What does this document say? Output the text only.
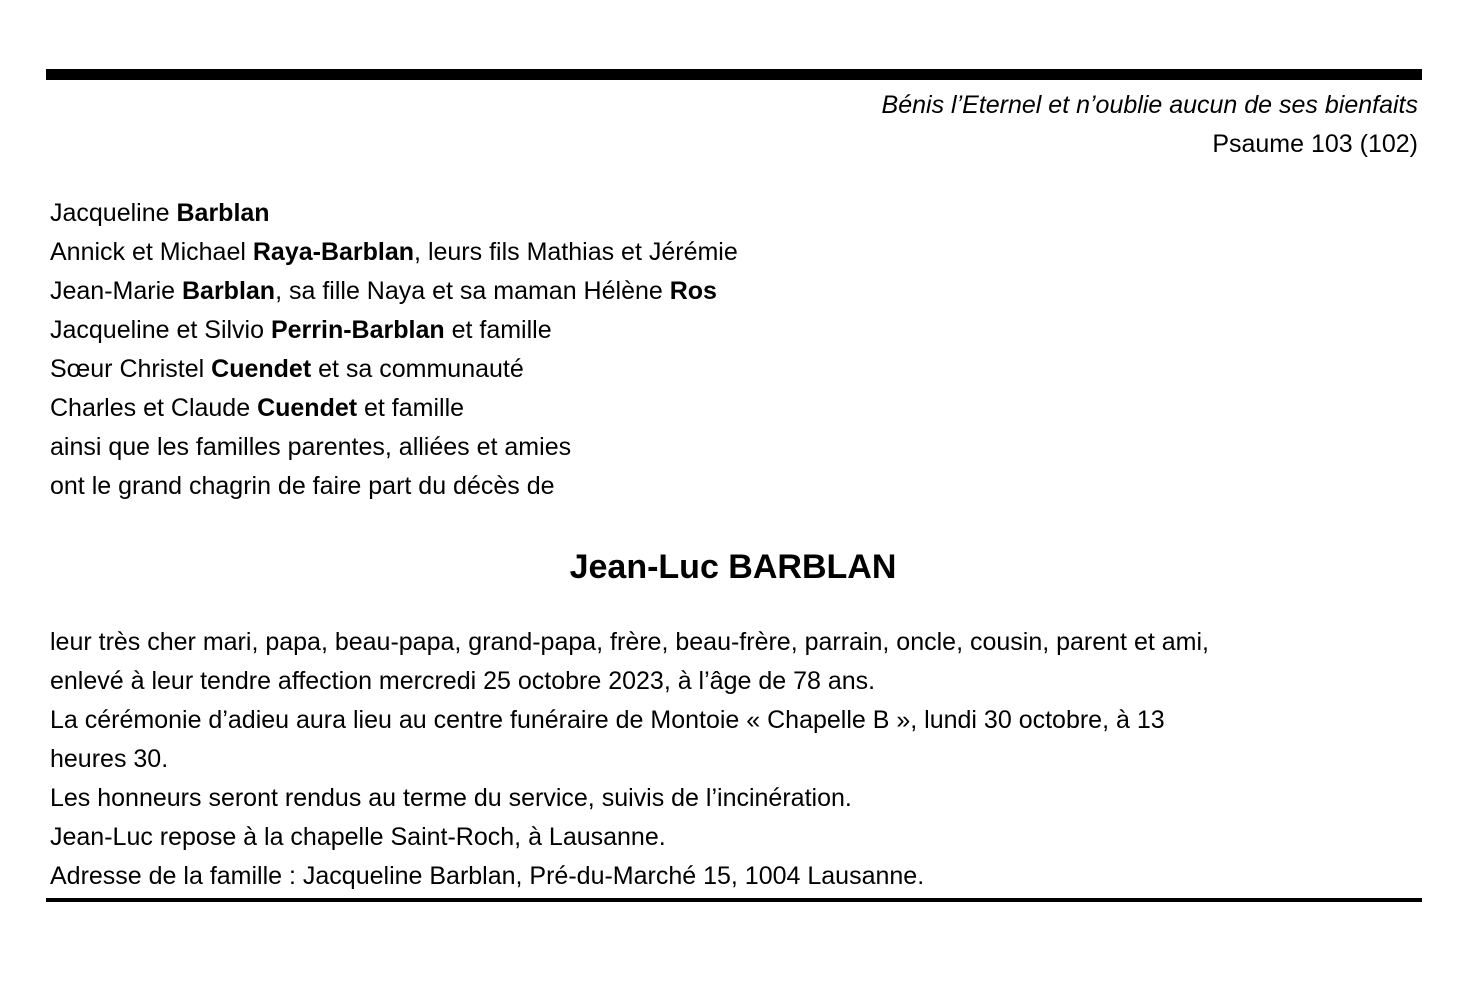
Bénis l’Eternel et n’oublie aucun de ses bienfaits
Psaume 103 (102)
Jacqueline Barblan
Annick et Michael Raya-Barblan, leurs fils Mathias et Jérémie
Jean-Marie Barblan, sa fille Naya et sa maman Hélène Ros
Jacqueline et Silvio Perrin-Barblan et famille
Sœur Christel Cuendet et sa communauté
Charles et Claude Cuendet et famille
ainsi que les familles parentes, alliées et amies
ont le grand chagrin de faire part du décès de
Jean-Luc BARBLAN
leur très cher mari, papa, beau-papa, grand-papa, frère, beau-frère, parrain, oncle, cousin, parent et ami,
enlevé à leur tendre affection mercredi 25 octobre 2023, à l’âge de 78 ans.
La cérémonie d’adieu aura lieu au centre funéraire de Montoie « Chapelle B », lundi 30 octobre, à 13
heures 30.
Les honneurs seront rendus au terme du service, suivis de l’incinération.
Jean-Luc repose à la chapelle Saint-Roch, à Lausanne.
Adresse de la famille : Jacqueline Barblan, Pré-du-Marché 15, 1004 Lausanne.
